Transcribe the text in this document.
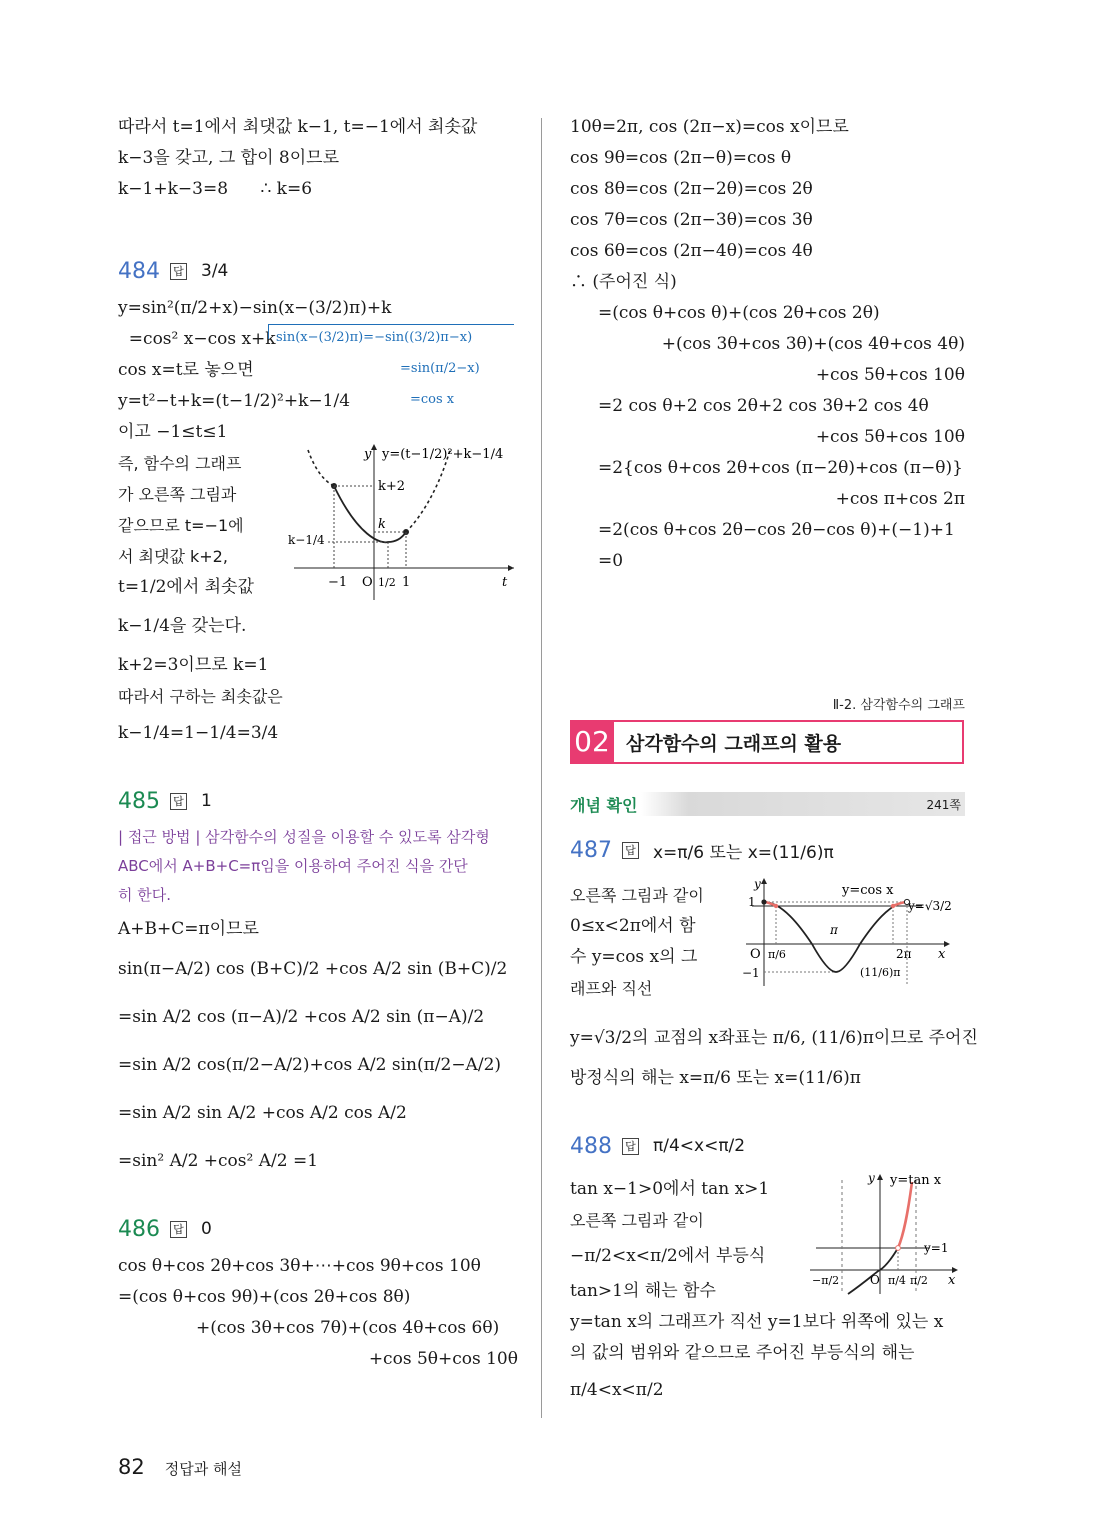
따라서 t=1에서 최댓값 k−1, t=−1에서 최솟값
k−3을 갖고, 그 합이 8이므로
k−1+k−3=8      ∴ k=6
484 답 3/4
y=sin²(π/2+x)−sin(x−(3/2)π)+k
=cos² x−cos x+k sin(x−(3/2)π)=−sin((3/2)π−x)
cos x=t로 놓으면	=sin(π/2−x)
y=t²−t+k=(t−1/2)²+k−1/4	=cos x
이고 −1≤t≤1
즉, 함수의 그래프
가 오른쪽 그림과
같으므로 t=−1에
서 최댓값 k+2,
t=1/2에서 최솟값
y y=(t−1/2)²+k−1/4
k+2
k
k−1/4
−1 O 1/2 1	t
k−1/4을 갖는다.
k+2=3이므로 k=1
따라서 구하는 최솟값은
k−1/4=1−1/4=3/4
485 답 1
| 접근 방법 | 삼각함수의 성질을 이용할 수 있도록 삼각형
ABC에서 A+B+C=π임을 이용하여 주어진 식을 간단
히 한다.
A+B+C=π이므로
sin(π−A/2) cos (B+C)/2 +cos A/2 sin (B+C)/2
=sin A/2 cos (π−A)/2 +cos A/2 sin (π−A)/2
=sin A/2 cos(π/2−A/2)+cos A/2 sin(π/2−A/2)
=sin A/2 sin A/2 +cos A/2 cos A/2
=sin² A/2 +cos² A/2 =1
486 답 0
cos θ+cos 2θ+cos 3θ+⋯+cos 9θ+cos 10θ
=(cos θ+cos 9θ)+(cos 2θ+cos 8θ)
+(cos 3θ+cos 7θ)+(cos 4θ+cos 6θ)
+cos 5θ+cos 10θ
10θ=2π, cos (2π−x)=cos x이므로
cos 9θ=cos (2π−θ)=cos θ
cos 8θ=cos (2π−2θ)=cos 2θ
cos 7θ=cos (2π−3θ)=cos 3θ
cos 6θ=cos (2π−4θ)=cos 4θ
∴ (주어진 식)
=(cos θ+cos θ)+(cos 2θ+cos 2θ)
+(cos 3θ+cos 3θ)+(cos 4θ+cos 4θ)
+cos 5θ+cos 10θ
=2 cos θ+2 cos 2θ+2 cos 3θ+2 cos 4θ
+cos 5θ+cos 10θ
=2{cos θ+cos 2θ+cos (π−2θ)+cos (π−θ)}
+cos π+cos 2π
=2(cos θ+cos 2θ−cos 2θ−cos θ)+(−1)+1
=0
Ⅱ-2. 삼각함수의 그래프
02 삼각함수의 그래프의 활용
개념 확인	241쪽
487 답 x=π/6 또는 x=(11/6)π
오른쪽 그림과 같이
0≤x<2π에서 함
수 y=cos x의 그
래프와 직선
y
1
−1
O
y=cos x
y=√3/2
π/6
π
2π
(11/6)π
x
y=√3/2의 교점의 x좌표는 π/6, (11/6)π이므로 주어진
방정식의 해는 x=π/6 또는 x=(11/6)π
488 답 π/4<x<π/2
tan x−1>0에서 tan x>1
오른쪽 그림과 같이
−π/2<x<π/2에서 부등식
tan>1의 해는 함수
y y=tan x
y=1
−π/2	O π/4 π/2 x
y=tan x의 그래프가 직선 y=1보다 위쪽에 있는 x
의 값의 범위와 같으므로 주어진 부등식의 해는
π/4<x<π/2
82 정답과 해설
